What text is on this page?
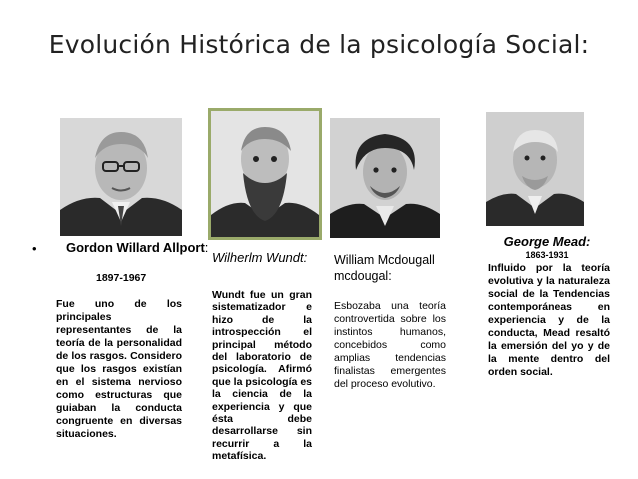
Evolución Histórica de la psicología Social:
• Gordon Willard Allport:
1897-1967
Fue uno de los principales representantes de la teoría de la personalidad de los rasgos. Considero que los rasgos existían en el sistema nervioso como estructuras que guiaban la conducta congruente en diversas situaciones.
Wilherlm Wundt:
Wundt fue un gran sistematizador e hizo de la introspección el principal método del laboratorio de psicología. Afirmó que la psicología es la ciencia de la experiencia y que ésta debe desarrollarse sin recurrir a la metafísica.
William Mcdougall mcdougal:
Esbozaba una teoría controvertida sobre los instintos humanos, concebidos como amplias tendencias finalistas emergentes del proceso evolutivo.
George Mead:
1863-1931
Influido por la teoría evolutiva y la naturaleza social de la Tendencias contemporáneas en experiencia y de la conducta, Mead resaltó la emersión del yo y de la mente dentro del orden social.
